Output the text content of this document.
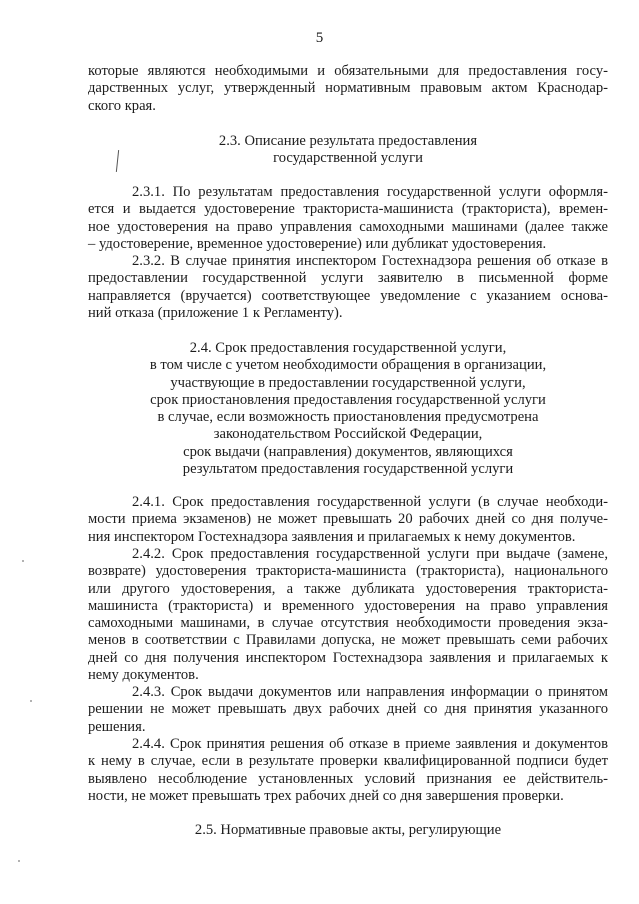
5
которые являются необходимыми и обязательными для предоставления госу-
дарственных услуг, утвержденный нормативным правовым актом Краснодар-
ского края.
2.3. Описание результата предоставления
государственной услуги
2.3.1. По результатам предоставления государственной услуги оформля-
ется и выдается удостоверение тракториста-машиниста (тракториста), времен-
ное удостоверения на право управления самоходными машинами (далее также
– удостоверение, временное удостоверение) или дубликат удостоверения.
2.3.2. В случае принятия инспектором Гостехнадзора решения об отказе в
предоставлении государственной услуги заявителю в письменной форме
направляется (вручается) соответствующее уведомление с указанием основа-
ний отказа (приложение 1 к Регламенту).
2.4. Срок предоставления государственной услуги,
в том числе с учетом необходимости обращения в организации,
участвующие в предоставлении государственной услуги,
срок приостановления предоставления государственной услуги
в случае, если возможность приостановления предусмотрена
законодательством Российской Федерации,
срок выдачи (направления) документов, являющихся
результатом предоставления государственной услуги
2.4.1. Срок предоставления государственной услуги (в случае необходи-
мости приема экзаменов) не может превышать 20 рабочих дней со дня получе-
ния инспектором Гостехнадзора заявления и прилагаемых к нему документов.
2.4.2. Срок предоставления государственной услуги при выдаче (замене,
возврате) удостоверения тракториста-машиниста (тракториста), национального
или другого удостоверения, а также дубликата удостоверения тракториста-
машиниста (тракториста) и временного удостоверения на право управления
самоходными машинами, в случае отсутствия необходимости проведения экза-
менов в соответствии с Правилами допуска, не может превышать семи рабочих
дней со дня получения инспектором Гостехнадзора заявления и прилагаемых к
нему документов.
2.4.3. Срок выдачи документов или направления информации о принятом
решении не может превышать двух рабочих дней со дня принятия указанного
решения.
2.4.4. Срок принятия решения об отказе в приеме заявления и документов
к нему в случае, если в результате проверки квалифицированной подписи будет
выявлено несоблюдение установленных условий признания ее действитель-
ности, не может превышать трех рабочих дней со дня завершения проверки.
2.5. Нормативные правовые акты, регулирующие
